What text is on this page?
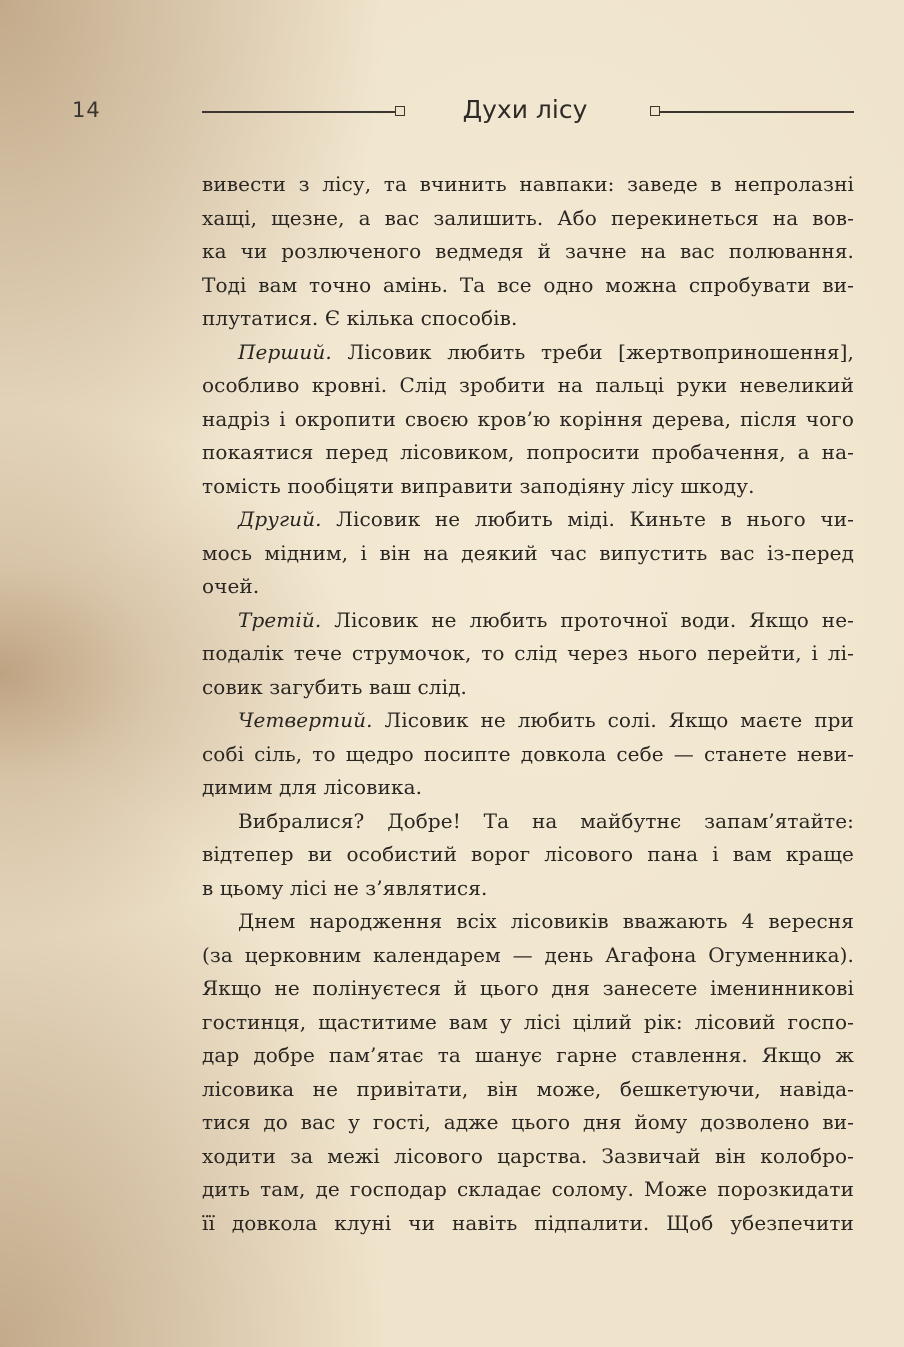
14	Духи лісу
вивести з лісу, та вчинить навпаки: заведе в непролазні
хащі, щезне, а вас залишить. Або перекинеться на вов-
ка чи розлюченого ведмедя й зачне на вас полювання.
Тоді вам точно амінь. Та все одно можна спробувати ви-
плутатися. Є кілька способів.
Перший. Лісовик любить треби [жертвоприношення],
особливо кровні. Слід зробити на пальці руки невеликий
надріз і окропити своєю кров’ю коріння дерева, після чого
покаятися перед лісовиком, попросити пробачення, а на-
томість пообіцяти виправити заподіяну лісу шкоду.
Другий. Лісовик не любить міді. Киньте в нього чи-
мось мідним, і він на деякий час випустить вас із-перед
очей.
Третій. Лісовик не любить проточної води. Якщо не-
подалік тече струмочок, то слід через нього перейти, і лі-
совик загубить ваш слід.
Четвертий. Лісовик не любить солі. Якщо маєте при
собі сіль, то щедро посипте довкола себе — станете неви-
димим для лісовика.
Вибралися? Добре! Та на майбутнє запам’ятайте:
відтепер ви особистий ворог лісового пана і вам краще
в цьому лісі не з’являтися.
Днем народження всіх лісовиків вважають 4 вересня
(за церковним календарем — день Агафона Огуменника).
Якщо не полінуєтеся й цього дня занесете іменинникові
гостинця, щаститиме вам у лісі цілий рік: лісовий госпо-
дар добре пам’ятає та шанує гарне ставлення. Якщо ж
лісовика не привітати, він може, бешкетуючи, навіда-
тися до вас у гості, адже цього дня йому дозволено ви-
ходити за межі лісового царства. Зазвичай він колобро-
дить там, де господар складає солому. Може порозкидати
її довкола клуні чи навіть підпалити. Щоб убезпечити
